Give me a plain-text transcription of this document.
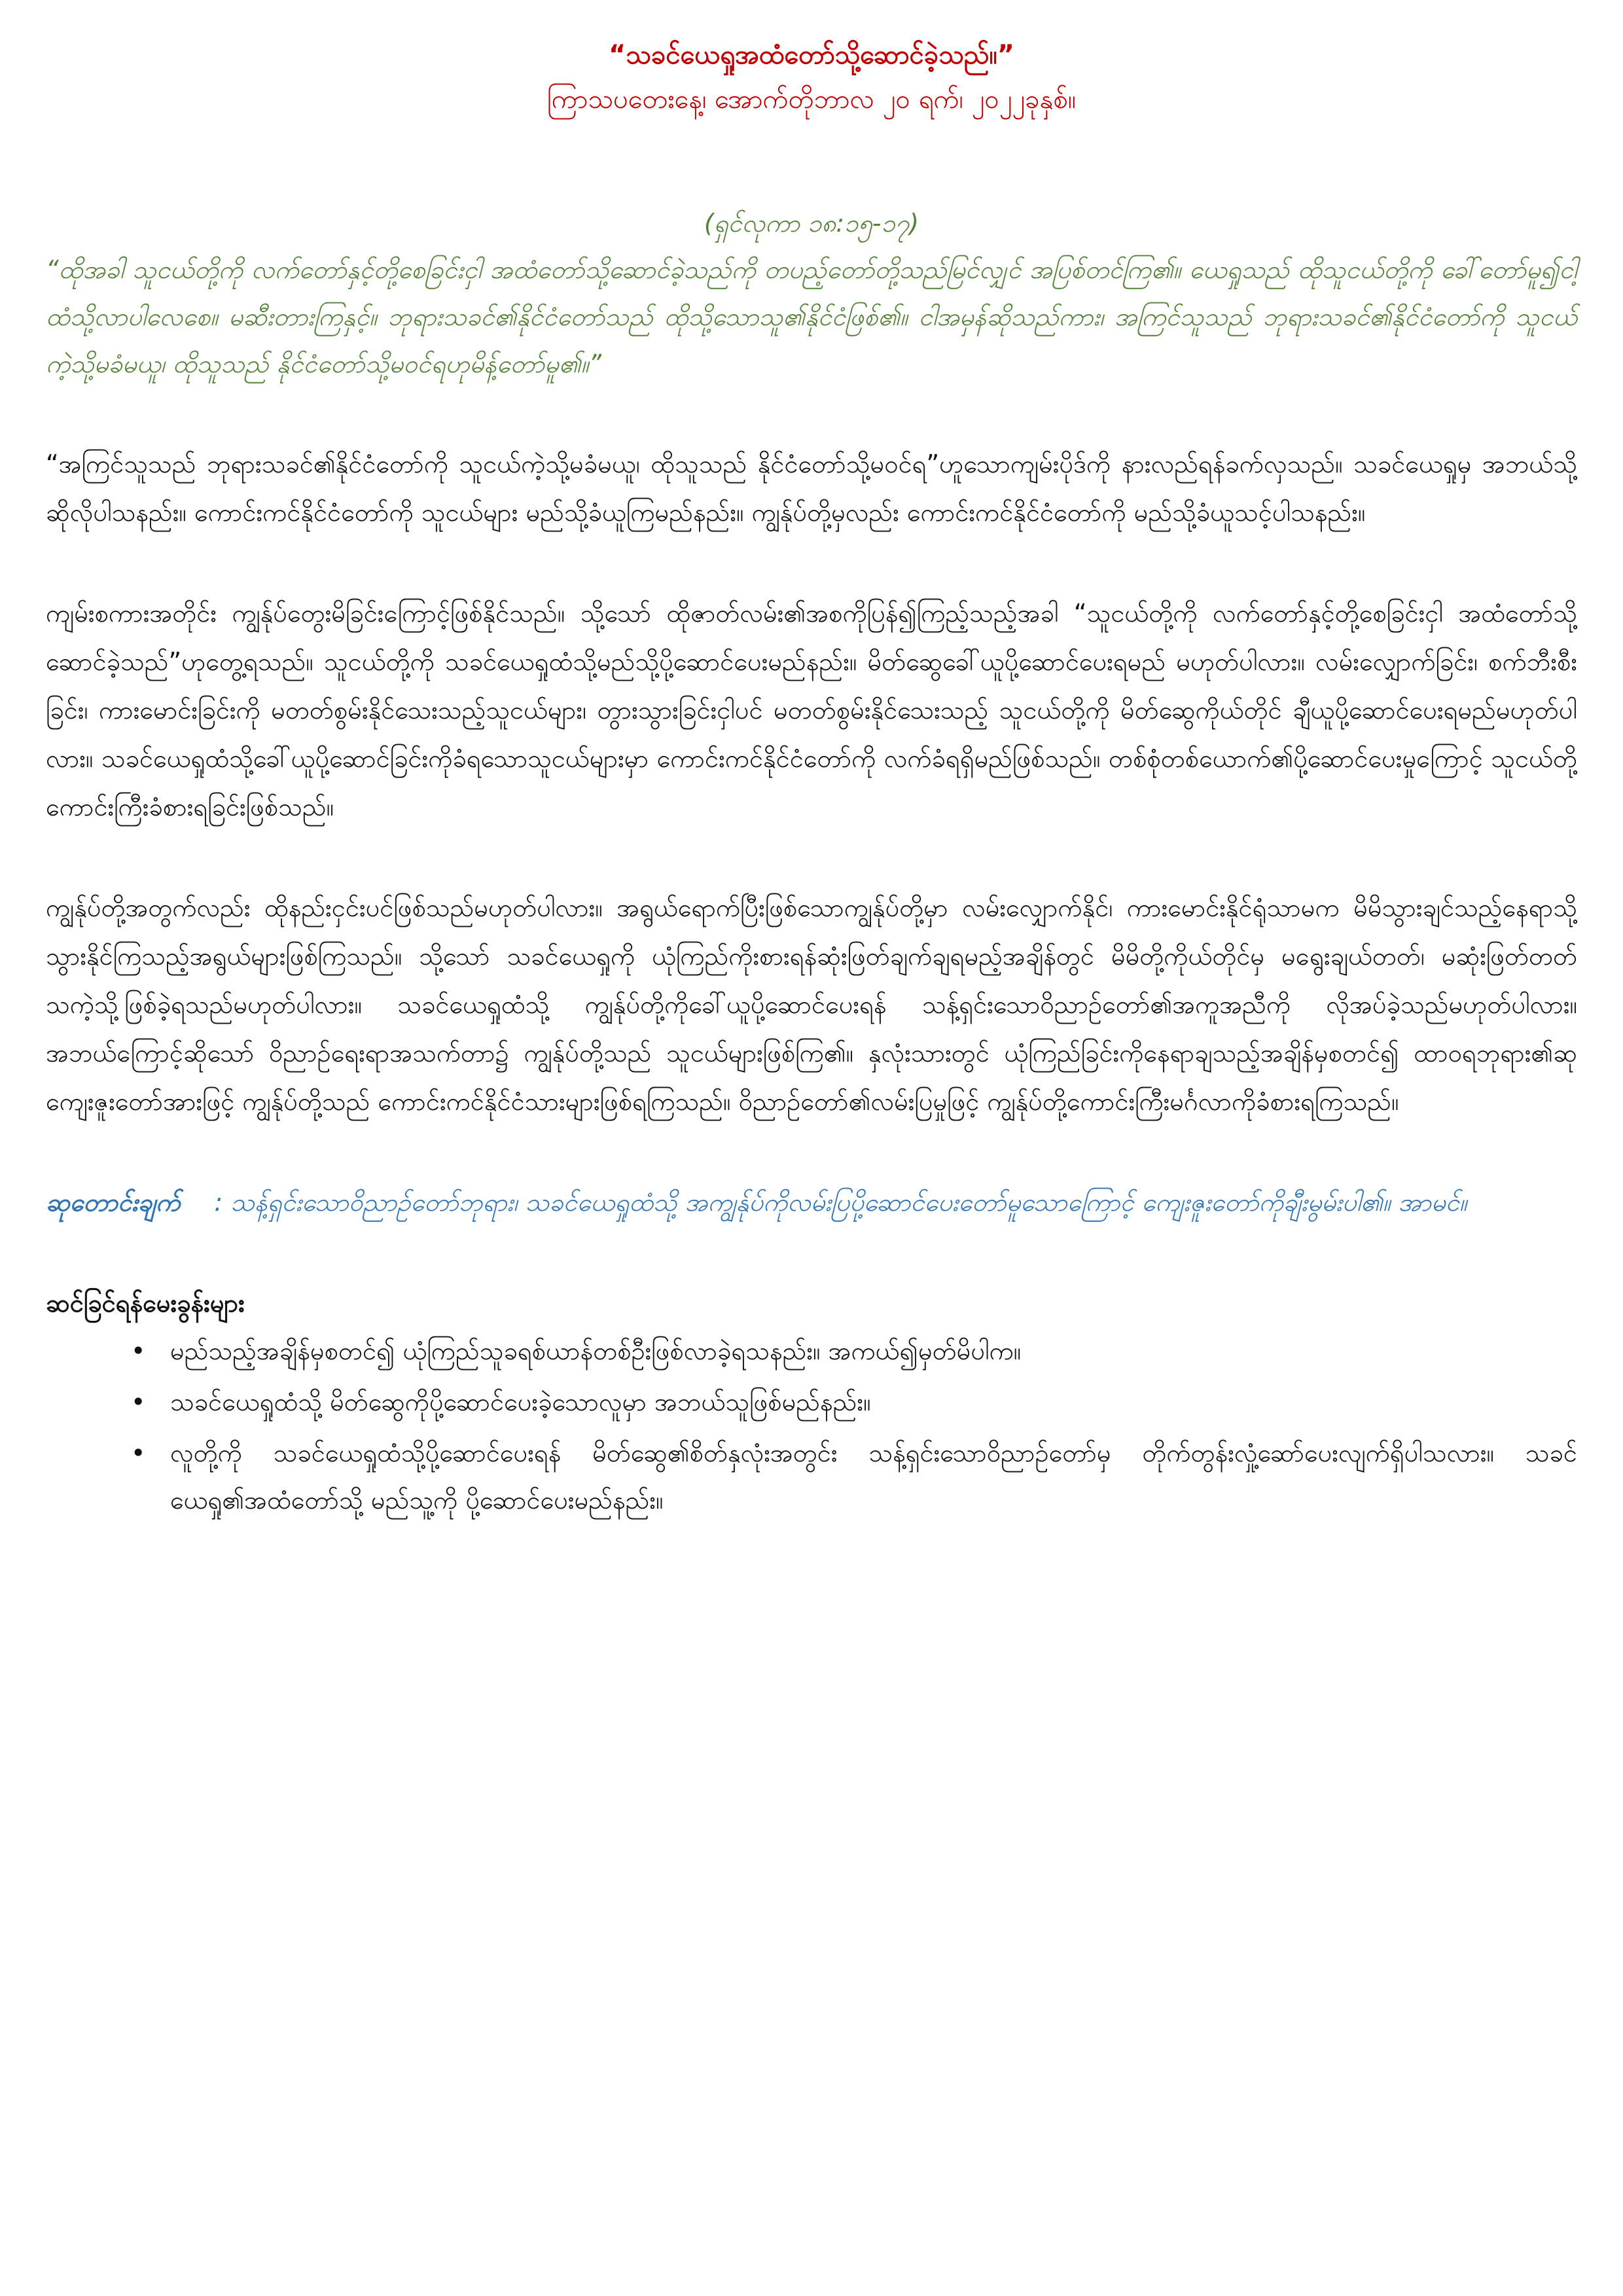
“သခင်ယေရှုအထံတော်သို့ဆောင်ခဲ့သည်။”

ကြာသပတေးနေ့၊ အောက်တိုဘာလ ၂၀ ရက်၊ ၂၀၂၂ခုနှစ်။

(ရှင်လုကာ ၁၈:၁၅-၁၇)

“ထိုအခါ သူငယ်တို့ကို လက်တော်နှင့်တို့စေခြင်းငှါ အထံတော်သို့ဆောင်ခဲ့သည်ကို တပည့်တော်တို့သည်မြင်လျှင် အပြစ်တင်ကြ၏။ ယေရှုသည် ထိုသူငယ်တို့ကို ခေါ်တော်မူ၍ငါ့ထံသို့လာပါလေစေ။ မဆီးတားကြနှင့်။ ဘုရားသခင်၏နိုင်ငံတော်သည် ထိုသို့သောသူ၏နိုင်ငံဖြစ်၏။ ငါအမှန်ဆိုသည်ကား၊ အကြင်သူသည် ဘုရားသခင်၏နိုင်ငံတော်ကို သူငယ်ကဲ့သို့မခံမယူ၊ ထိုသူသည် နိုင်ငံတော်သို့မဝင်ရဟုမိန့်တော်မူ၏။”

“အကြင်သူသည် ဘုရားသခင်၏နိုင်ငံတော်ကို သူငယ်ကဲ့သို့မခံမယူ၊ ထိုသူသည် နိုင်ငံတော်သို့မဝင်ရ”ဟူသောကျမ်းပိုဒ်ကို နားလည်ရန်ခက်လှသည်။ သခင်ယေရှုမှ အဘယ်သို့ဆိုလိုပါသနည်း။ ကောင်းကင်နိုင်ငံတော်ကို သူငယ်များ မည်သို့ခံယူကြမည်နည်း။ ကျွန်ုပ်တို့မှလည်း ကောင်းကင်နိုင်ငံတော်ကို မည်သို့ခံယူသင့်ပါသနည်း။

ကျမ်းစကားအတိုင်း ကျွန်ုပ်တွေးမိခြင်းကြောင့်ဖြစ်နိုင်သည်။ သို့သော် ထိုဇာတ်လမ်း၏အစကိုပြန်၍ကြည့်သည့်အခါ “သူငယ်တို့ကို လက်တော်နှင့်တို့စေခြင်းငှါ အထံတော်သို့ဆောင်ခဲ့သည်”ဟုတွေ့ရသည်။ သူငယ်တို့ကို သခင်ယေရှုထံသို့မည်သို့ပို့ဆောင်ပေးမည်နည်း။ မိတ်ဆွေခေါ်ယူပို့ဆောင်ပေးရမည် မဟုတ်ပါလား။ လမ်းလျှောက်ခြင်း၊ စက်ဘီးစီးခြင်း၊ ကားမောင်းခြင်းကို မတတ်စွမ်းနိုင်သေးသည့်သူငယ်များ၊ တွားသွားခြင်းငှါပင် မတတ်စွမ်းနိုင်သေးသည့် သူငယ်တို့ကို မိတ်ဆွေကိုယ်တိုင် ချီယူပို့ဆောင်ပေးရမည်မဟုတ်ပါလား။ သခင်ယေရှုထံသို့ခေါ်ယူပို့ဆောင်ခြင်းကိုခံရသောသူငယ်များမှာ ကောင်းကင်နိုင်ငံတော်ကို လက်ခံရရှိမည်ဖြစ်သည်။ တစ်စုံတစ်ယောက်၏ပို့ဆောင်ပေးမှုကြောင့် သူငယ်တို့ကောင်းကြီးခံစားရခြင်းဖြစ်သည်။

ကျွန်ုပ်တို့အတွက်လည်း ထိုနည်းငှင်းပင်ဖြစ်သည်မဟုတ်ပါလား။ အရွယ်ရောက်ပြီးဖြစ်သောကျွန်ုပ်တို့မှာ လမ်းလျှောက်နိုင်၊ ကားမောင်းနိုင်ရုံသာမက မိမိသွားချင်သည့်နေရာသို့သွားနိုင်ကြသည့်အရွယ်များဖြစ်ကြသည်။ သို့သော် သခင်ယေရှုကို ယုံကြည်ကိုးစားရန်ဆုံးဖြတ်ချက်ချရမည့်အချိန်တွင် မိမိတို့ကိုယ်တိုင်မှ မရွေးချယ်တတ်၊ မဆုံးဖြတ်တတ်သကဲ့သို့ဖြစ်ခဲ့ရသည်မဟုတ်ပါလား။ သခင်ယေရှုထံသို့ ကျွန်ုပ်တို့ကိုခေါ်ယူပို့ဆောင်ပေးရန် သန့်ရှင်းသောဝိညာဉ်တော်၏အကူအညီကို လိုအပ်ခဲ့သည်မဟုတ်ပါလား။ အဘယ်ကြောင့်ဆိုသော် ဝိညာဉ်ရေးရာအသက်တာ၌ ကျွန်ုပ်တို့သည် သူငယ်များဖြစ်ကြ၏။ နှလုံးသားတွင် ယုံကြည်ခြင်းကိုနေရာချသည့်အချိန်မှစတင်၍ ထာဝရဘုရား၏ဆုကျေးဇူးတော်အားဖြင့် ကျွန်ုပ်တို့သည် ကောင်းကင်နိုင်ငံသားများဖြစ်ရကြသည်။ ဝိညာဉ်တော်၏လမ်းပြမှုဖြင့် ကျွန်ုပ်တို့ကောင်းကြီးမင်္ဂလာကိုခံစားရကြသည်။

ဆုတောင်းချက် : သန့်ရှင်းသောဝိညာဉ်တော်ဘုရား၊ သခင်ယေရှုထံသို့ အကျွန်ုပ်ကိုလမ်းပြပို့ဆောင်ပေးတော်မူသောကြောင့် ကျေးဇူးတော်ကိုချီးမွမ်းပါ၏။ အာမင်။

ဆင်ခြင်ရန်မေးခွန်းများ

• မည်သည့်အချိန်မှစတင်၍ ယုံကြည်သူခရစ်ယာန်တစ်ဦးဖြစ်လာခဲ့ရသနည်း။ အကယ်၍မှတ်မိပါက။
• သခင်ယေရှုထံသို့ မိတ်ဆွေကိုပို့ဆောင်ပေးခဲ့သောလူမှာ အဘယ်သူဖြစ်မည်နည်း။
• လူတို့ကို သခင်ယေရှုထံသို့ပို့ဆောင်ပေးရန် မိတ်ဆွေ၏စိတ်နှလုံးအတွင်း သန့်ရှင်းသောဝိညာဉ်တော်မှ တိုက်တွန်းလှုံ့ဆော်ပေးလျက်ရှိပါသလား။ သခင်ယေရှု၏အထံတော်သို့ မည်သူ့ကို ပို့ဆောင်ပေးမည်နည်း။
